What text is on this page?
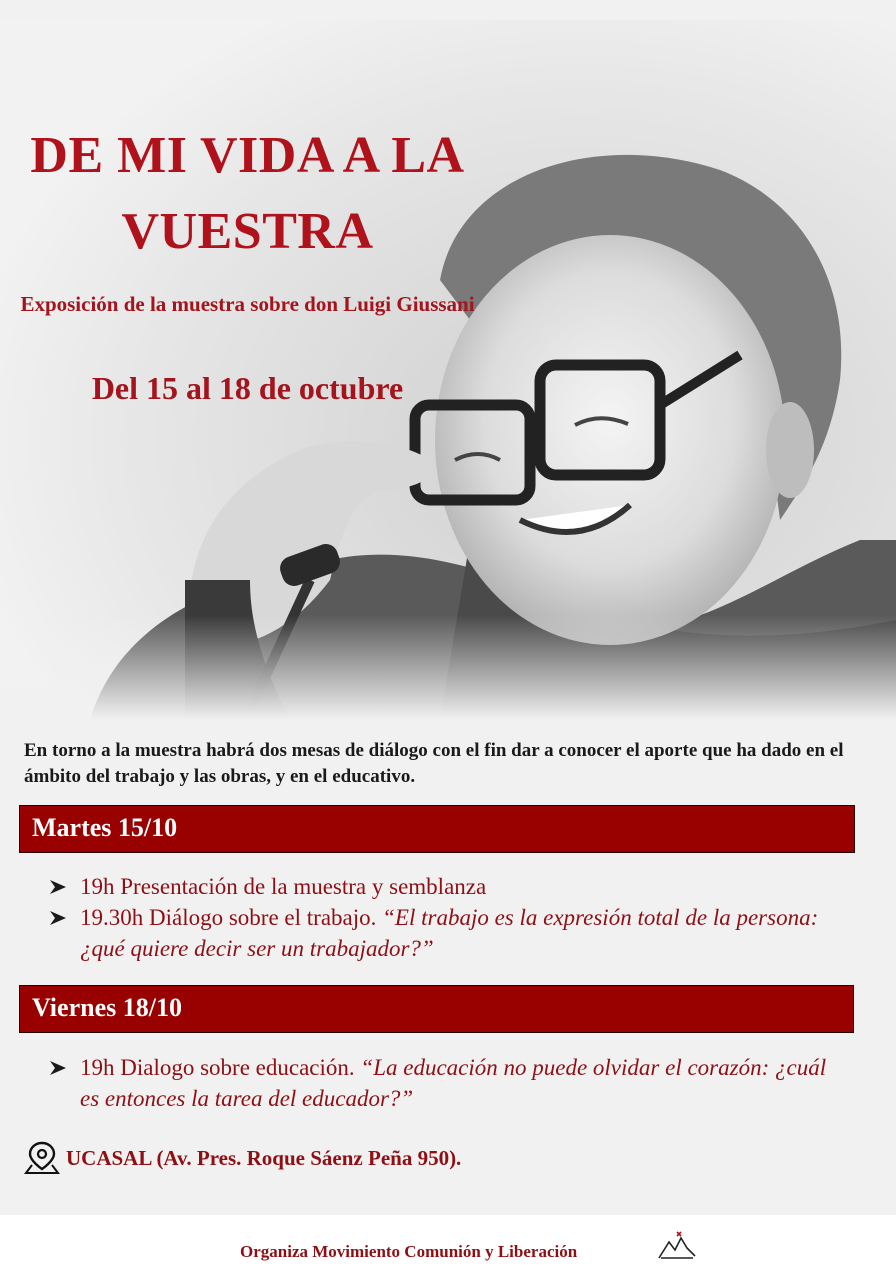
DE MI VIDA A LA VUESTRA

Exposición de la muestra sobre don Luigi Giussani

Del 15 al 18 de octubre

En torno a la muestra habrá dos mesas de diálogo con el fin dar a conocer el aporte que ha dado en el ámbito del trabajo y las obras, y en el educativo.

Martes 15/10
19h Presentación de la muestra y semblanza
19.30h Diálogo sobre el trabajo. “El trabajo es la expresión total de la persona: ¿qué quiere decir ser un trabajador?”
Viernes 18/10
19h Dialogo sobre educación. “La educación no puede olvidar el corazón: ¿cuál es entonces la tarea del educador?”
UCASAL (Av. Pres. Roque Sáenz Peña 950).
Organiza Movimiento Comunión y Liberación
